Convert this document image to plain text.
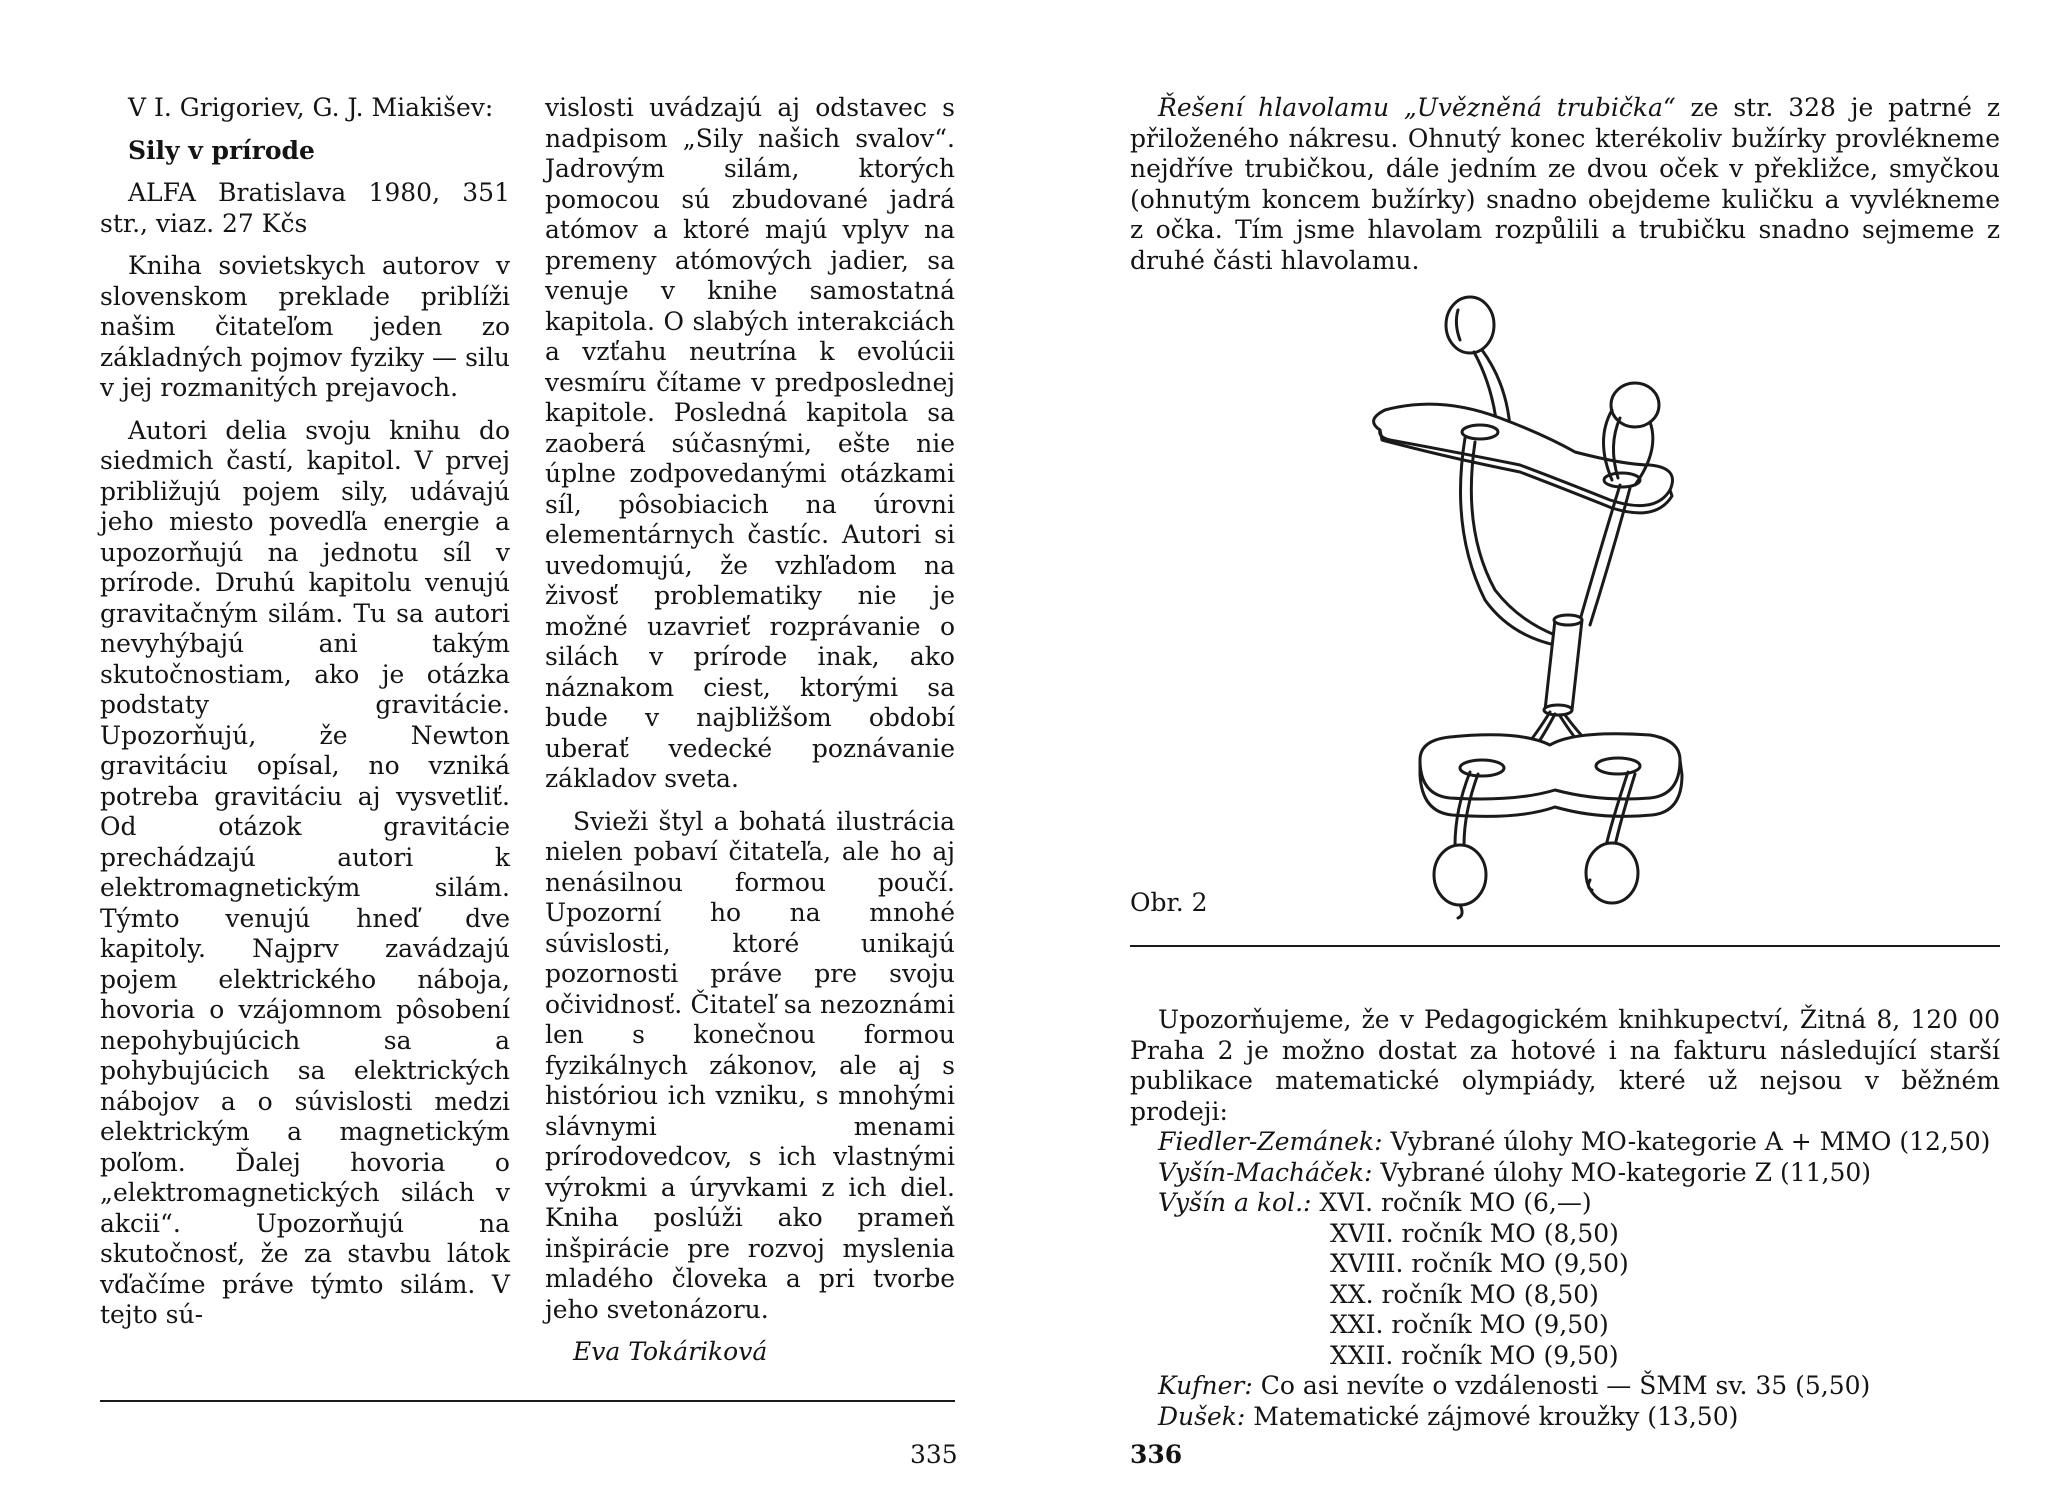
V I. Grigoriev, G. J. Miakišev:

Sily v prírode

ALFA Bratislava 1980, 351 str., viaz. 27 Kčs

Kniha sovietskych autorov v slovenskom preklade priblíži našim čitateľom jeden zo základných pojmov fyziky — silu v jej rozmanitých prejavoch.

Autori delia svoju knihu do siedmich častí, kapitol. V prvej približujú pojem sily, udávajú jeho miesto povedľa energie a upozorňujú na jednotu síl v prírode. Druhú kapitolu venujú gravitačným silám. Tu sa autori nevyhýbajú ani takým skutočnostiam, ako je otázka podstaty gravitácie. Upozorňujú, že Newton gravitáciu opísal, no vzniká potreba gravitáciu aj vysvetliť. Od otázok gravitácie prechádzajú autori k elektromagnetickým silám. Týmto venujú hneď dve kapitoly. Najprv zavádzajú pojem elektrického náboja, hovoria o vzájomnom pôsobení nepohybujúcich sa a pohybujúcich sa elektrických nábojov a o súvislosti medzi elektrickým a magnetickým poľom. Ďalej hovoria o „elektromagnetických silách v akcii“. Upozorňujú na skutočnosť, že za stavbu látok vďačíme práve týmto silám. V tejto sú-

vislosti uvádzajú aj odstavec s nadpisom „Sily našich svalov“. Jadrovým silám, ktorých pomocou sú zbudované jadrá atómov a ktoré majú vplyv na premeny atómových jadier, sa venuje v knihe samostatná kapitola. O slabých interakciách a vzťahu neutrína k evolúcii vesmíru čítame v predposlednej kapitole. Posledná kapitola sa zaoberá súčasnými, ešte nie úplne zodpovedanými otázkami síl, pôsobiacich na úrovni elementárnych častíc. Autori si uvedomujú, že vzhľadom na živosť problematiky nie je možné uzavrieť rozprávanie o silách v prírode inak, ako náznakom ciest, ktorými sa bude v najbližšom období uberať vedecké poznávanie základov sveta.

Svieži štyl a bohatá ilustrácia nielen pobaví čitateľa, ale ho aj nenásilnou formou poučí. Upozorní ho na mnohé súvislosti, ktoré unikajú pozornosti práve pre svoju očividnosť. Čitateľ sa nezoznámi len s konečnou formou fyzikálnych zákonov, ale aj s históriou ich vzniku, s mnohými slávnymi menami prírodovedcov, s ich vlastnými výrokmi a úryvkami z ich diel. Kniha poslúži ako prameň inšpirácie pre rozvoj myslenia mladého človeka a pri tvorbe jeho svetonázoru.

Eva Tokáriková

335

Řešení hlavolamu „Uvězněná trubička“ ze str. 328 je patrné z přiloženého nákresu. Ohnutý konec kterékoliv bužírky provlékneme nejdříve trubičkou, dále jedním ze dvou oček v překližce, smyčkou (ohnutým koncem bužírky) snadno obejdeme kuličku a vyvlékneme z očka. Tím jsme hlavolam rozpůlili a trubičku snadno sejmeme z druhé části hlavolamu.

Obr. 2

Upozorňujeme, že v Pedagogickém knihkupectví, Žitná 8, 120 00 Praha 2 je možno dostat za hotové i na fakturu následující starší publikace matematické olympiády, které už nejsou v běžném prodeji:

Fiedler-Zemánek: Vybrané úlohy MO-kategorie A + MMO (12,50)

Vyšín-Macháček: Vybrané úlohy MO-kategorie Z (11,50)

Vyšín a kol.: XVI. ročník MO (6,—)

XVII. ročník MO (8,50)

XVIII. ročník MO (9,50)

XX. ročník MO (8,50)

XXI. ročník MO (9,50)

XXII. ročník MO (9,50)

Kufner: Co asi nevíte o vzdálenosti — ŠMM sv. 35 (5,50)

Dušek: Matematické zájmové kroužky (13,50)

336
